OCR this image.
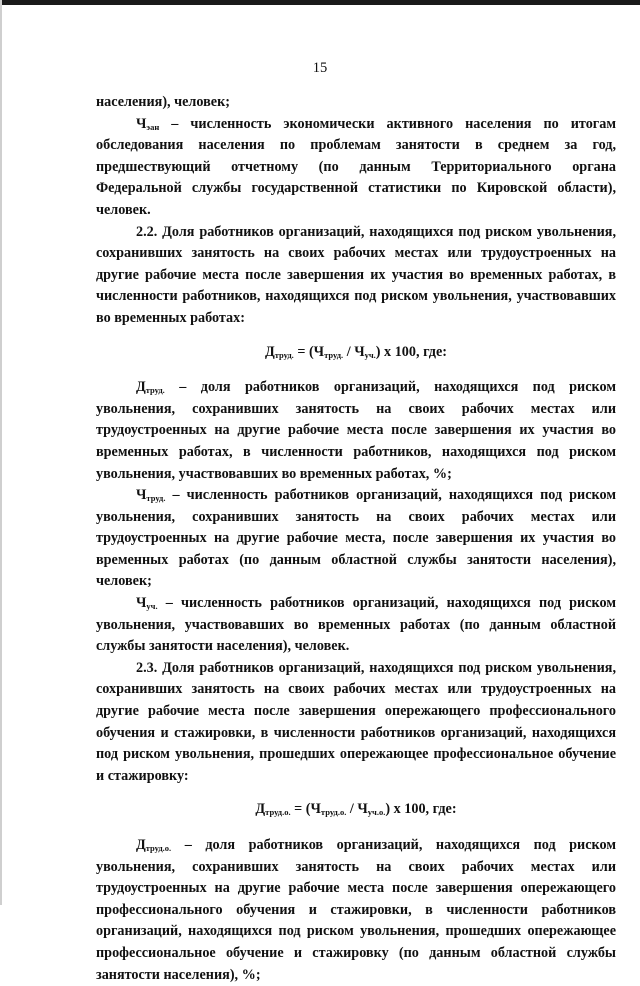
15

населения), человек;

$Ч_{эан}$ – численность экономически активного населения по итогам обследования населения по проблемам занятости в среднем за год, предшествующий отчетному (по данным Территориального органа Федеральной службы государственной статистики по Кировской области), человек.

2.2. Доля работников организаций, находящихся под риском увольнения, сохранивших занятость на своих рабочих местах или трудоустроенных на другие рабочие места после завершения их участия во временных работах, в численности работников, находящихся под риском увольнения, участвовавших во временных работах:

$Д_{труд.} = (Ч_{труд.} / Ч_{уч.})$ х 100, где:

$Д_{труд.}$ – доля работников организаций, находящихся под риском увольнения, сохранивших занятость на своих рабочих местах или трудоустроенных на другие рабочие места после завершения их участия во временных работах, в численности работников, находящихся под риском увольнения, участвовавших во временных работах, %;

$Ч_{труд.}$ – численность работников организаций, находящихся под риском увольнения, сохранивших занятость на своих рабочих местах или трудоустроенных на другие рабочие места, после завершения их участия во временных работах (по данным областной службы занятости населения), человек;

$Ч_{уч.}$ – численность работников организаций, находящихся под риском увольнения, участвовавших во временных работах (по данным областной службы занятости населения), человек.

2.3. Доля работников организаций, находящихся под риском увольнения, сохранивших занятость на своих рабочих местах или трудоустроенных на другие рабочие места после завершения опережающего профессионального обучения и стажировки, в численности работников организаций, находящихся под риском увольнения, прошедших опережающее профессиональное обучение и стажировку:

$Д_{труд.о.} = (Ч_{труд.о.} / Ч_{уч.о.})$ х 100, где:

$Д_{труд.о.}$ – доля работников организаций, находящихся под риском увольнения, сохранивших занятость на своих рабочих местах или трудоустроенных на другие рабочие места после завершения опережающего профессионального обучения и стажировки, в численности работников организаций, находящихся под риском увольнения, прошедших опережающее профессиональное обучение и стажировку (по данным областной службы занятости населения), %;
